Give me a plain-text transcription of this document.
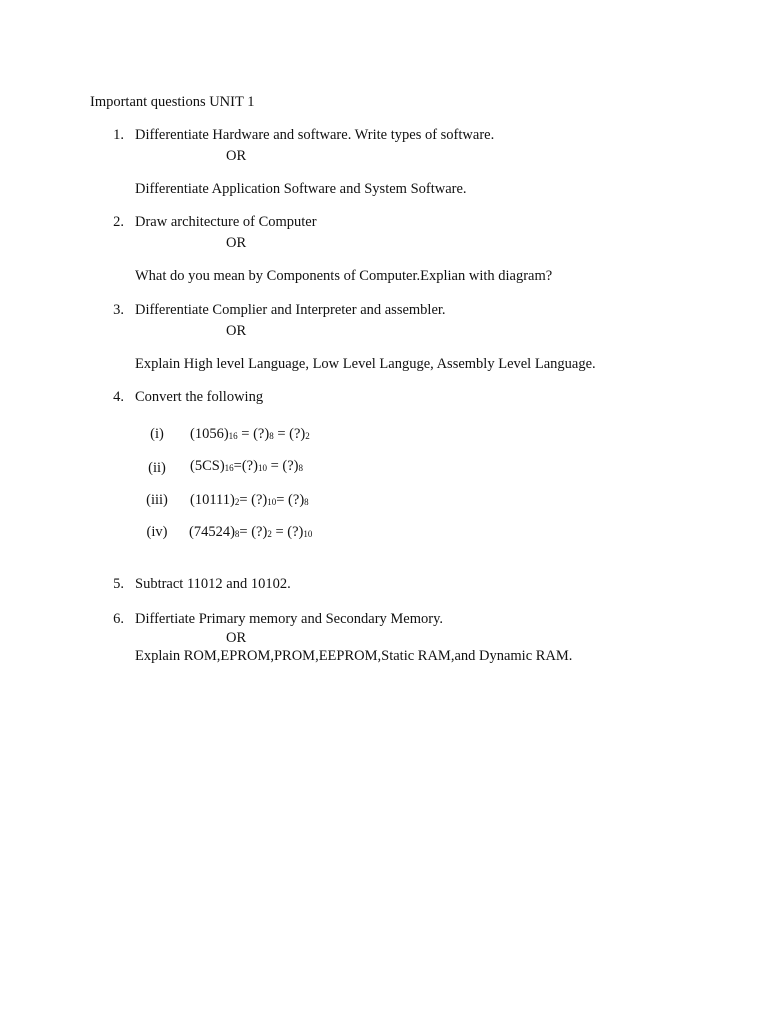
Important questions UNIT 1
1. Differentiate Hardware and software. Write types of software.
OR
Differentiate Application Software and System Software.
2. Draw architecture of Computer
OR
What do you mean by Components of Computer.Explian with diagram?
3. Differentiate Complier and Interpreter and assembler.
OR
Explain High level Language, Low Level Languge, Assembly Level Language.
4. Convert the following
(i)	$(1056)_{16}$ = $(?)_8$ = $(?)_2$
(ii)	$(5CS)_{16}=(?)_{10}$ = $(?)_8$
(iii)	$(10111)_2=$ $(?)_{10}=$ $(?)_8$
(iv)	$(74524)_8=$ $(?)_2$ = $(?)_{10}$
5. Subtract 11012 and 10102.
6. Differtiate Primary memory and Secondary Memory.
OR
Explain ROM,EPROM,PROM,EEPROM,Static RAM,and Dynamic RAM.
